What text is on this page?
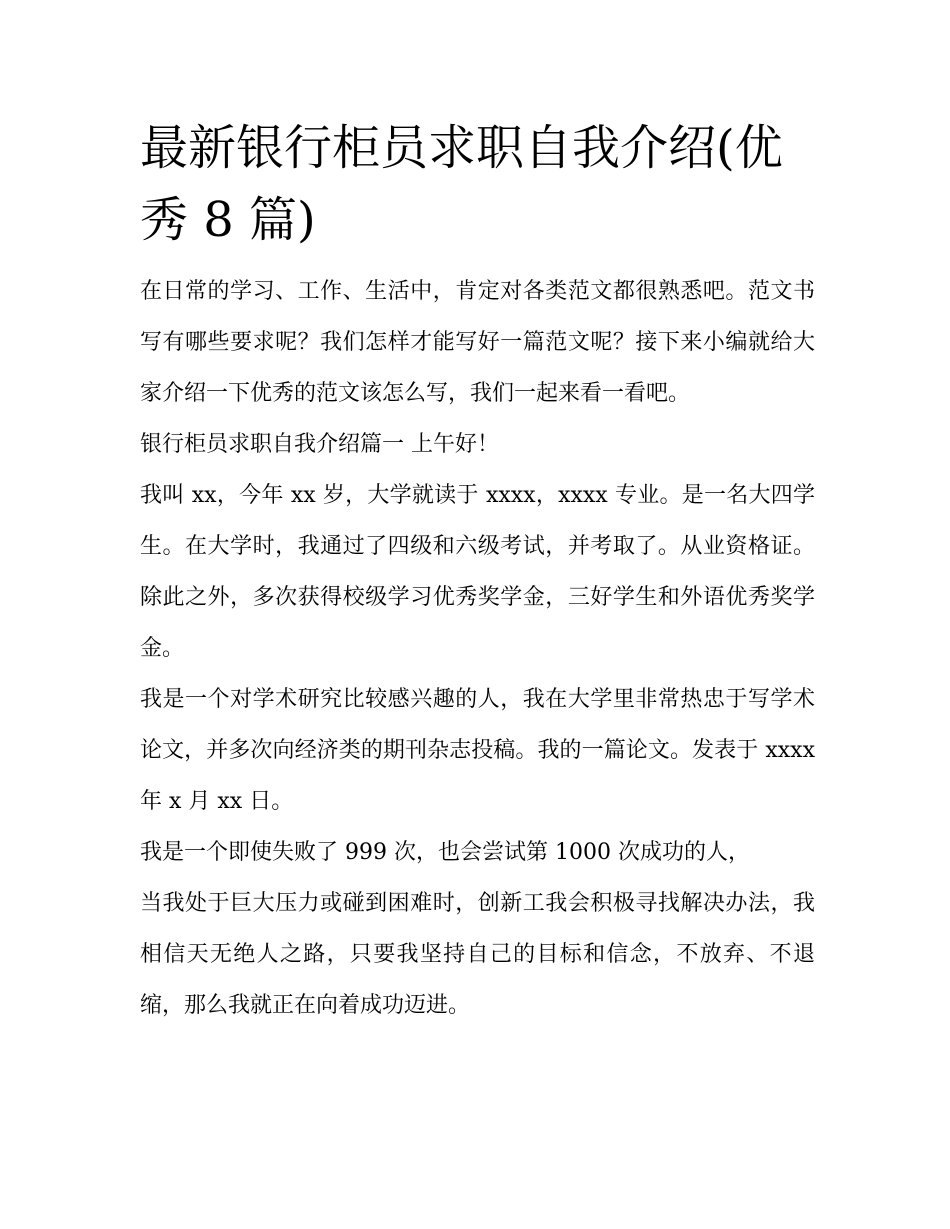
最新银行柜员求职自我介绍(优秀 8 篇)

在日常的学习、工作、生活中，肯定对各类范文都很熟悉吧。范文书写有哪些要求呢？我们怎样才能写好一篇范文呢？接下来小编就给大家介绍一下优秀的范文该怎么写，我们一起来看一看吧。

银行柜员求职自我介绍篇一 上午好！

我叫 xx，今年 xx 岁，大学就读于 xxxx，xxxx 专业。是一名大四学生。在大学时，我通过了四级和六级考试，并考取了。从业资格证。除此之外，多次获得校级学习优秀奖学金，三好学生和外语优秀奖学金。

我是一个对学术研究比较感兴趣的人，我在大学里非常热忠于写学术论文，并多次向经济类的期刊杂志投稿。我的一篇论文。发表于 xxxx 年 x 月 xx 日。

我是一个即使失败了 999 次，也会尝试第 1000 次成功的人，

当我处于巨大压力或碰到困难时，创新工我会积极寻找解决办法，我相信天无绝人之路，只要我坚持自己的目标和信念，不放弃、不退缩，那么我就正在向着成功迈进。
